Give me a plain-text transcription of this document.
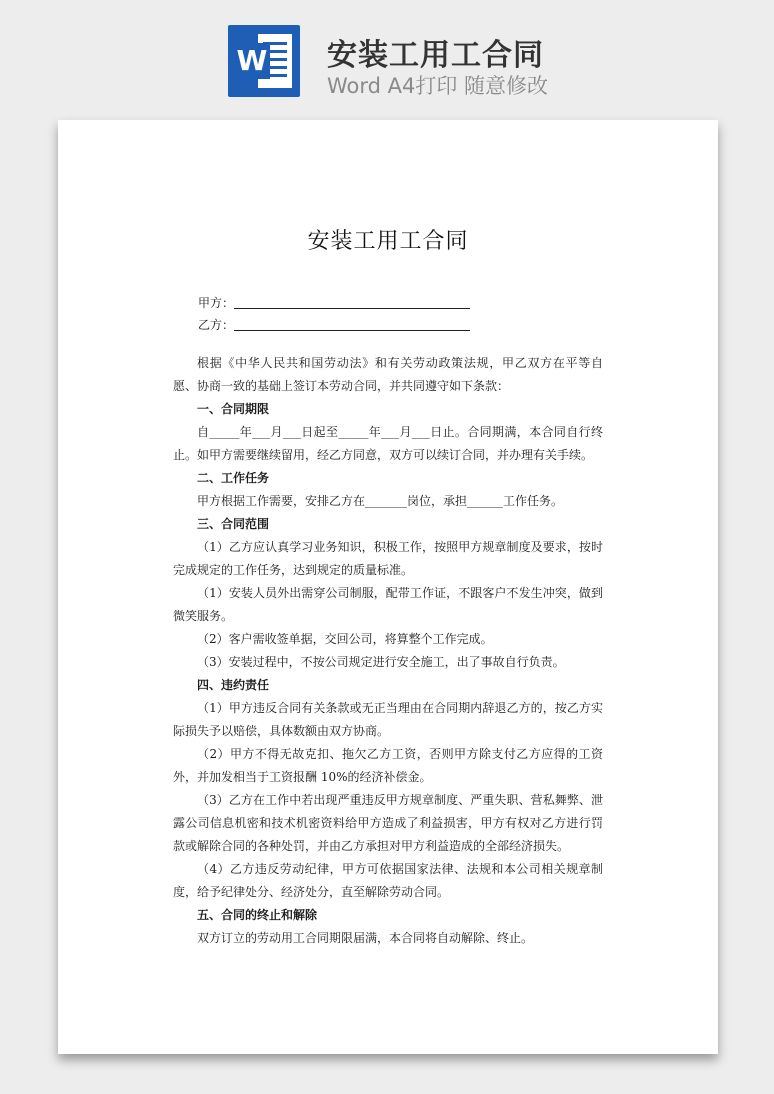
W 安装工用工合同
Word A4打印 随意修改
安装工用工合同
甲方：
乙方：

根据《中华人民共和国劳动法》和有关劳动政策法规，甲乙双方在平等自愿、协商一致的基础上签订本劳动合同，并共同遵守如下条款：

一、合同期限

自_____年___月___日起至_____年___月___日止。合同期满，本合同自行终止。如甲方需要继续留用，经乙方同意，双方可以续订合同，并办理有关手续。

二、工作任务

甲方根据工作需要，安排乙方在_______岗位，承担______工作任务。

三、合同范围

（1）乙方应认真学习业务知识，积极工作，按照甲方规章制度及要求，按时完成规定的工作任务，达到规定的质量标准。

（1）安装人员外出需穿公司制服，配带工作证，不跟客户不发生冲突，做到微笑服务。

（2）客户需收签单据，交回公司，将算整个工作完成。

（3）安装过程中，不按公司规定进行安全施工，出了事故自行负责。

四、违约责任

（1）甲方违反合同有关条款或无正当理由在合同期内辞退乙方的，按乙方实际损失予以赔偿，具体数额由双方协商。

（2）甲方不得无故克扣、拖欠乙方工资，否则甲方除支付乙方应得的工资外，并加发相当于工资报酬 10%的经济补偿金。

（3）乙方在工作中若出现严重违反甲方规章制度、严重失职、营私舞弊、泄露公司信息机密和技术机密资料给甲方造成了利益损害，甲方有权对乙方进行罚款或解除合同的各种处罚，并由乙方承担对甲方利益造成的全部经济损失。

（4）乙方违反劳动纪律，甲方可依据国家法律、法规和本公司相关规章制度，给予纪律处分、经济处分，直至解除劳动合同。

五、合同的终止和解除

双方订立的劳动用工合同期限届满，本合同将自动解除、终止。
